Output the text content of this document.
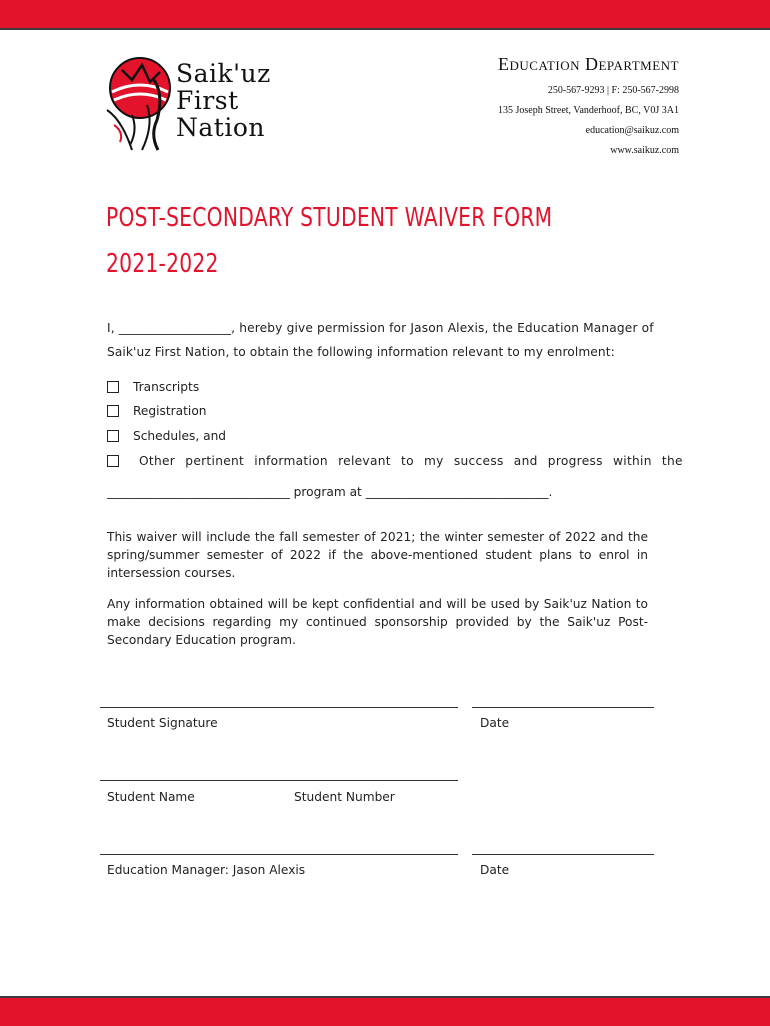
Saik'uz
First
Nation
Education Department
250-567-9293 | F: 250-567-2998
135 Joseph Street, Vanderhoof, BC, V0J 3A1
education@saikuz.com
www.saikuz.com
POST-SECONDARY STUDENT WAIVER FORM
2021-2022
I, __________________, hereby give permission for Jason Alexis, the Education Manager of
Saik'uz First Nation, to obtain the following information relevant to my enrolment:
Transcripts
Registration
Schedules, and
Other pertinent information relevant to my success and progress within the
______________________________ program at ______________________________.
This waiver will include the fall semester of 2021; the winter semester of 2022 and the spring/summer semester of 2022 if the above-mentioned student plans to enrol in intersession courses.
Any information obtained will be kept confidential and will be used by Saik'uz Nation to make decisions regarding my continued sponsorship provided by the Saik'uz Post-Secondary Education program.
Student Signature	Date
Student Name	Student Number
Education Manager: Jason Alexis	Date
